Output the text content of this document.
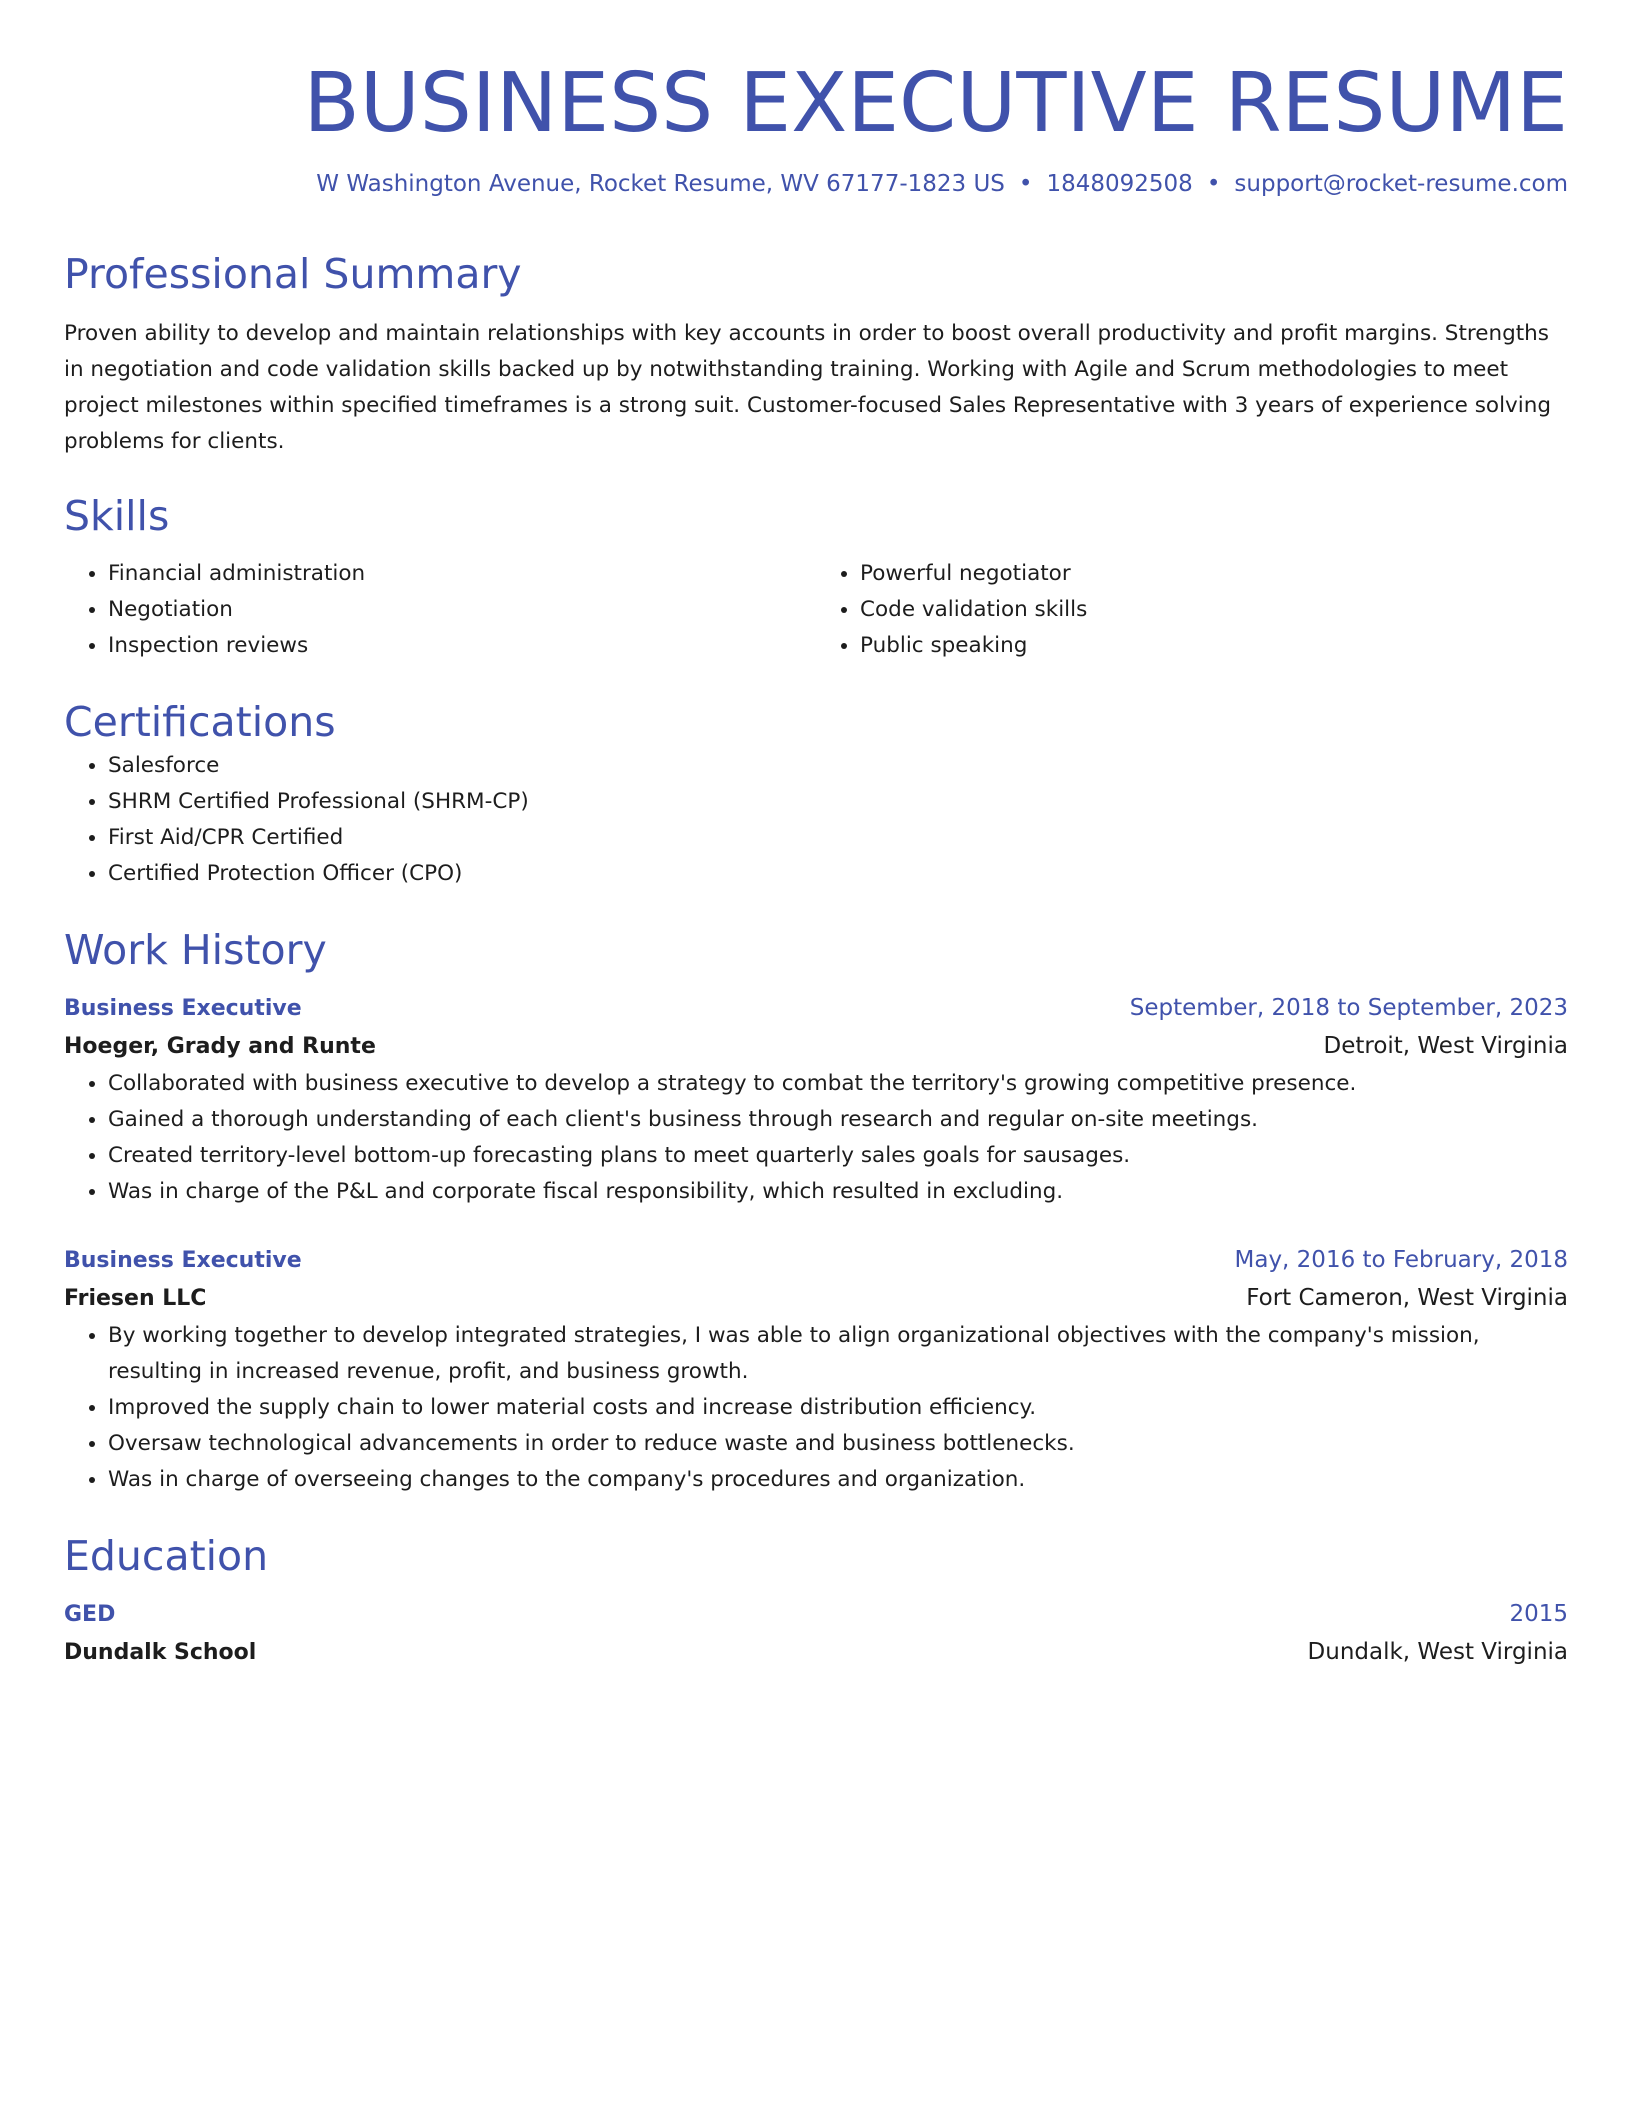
BUSINESS EXECUTIVE RESUME
W Washington Avenue, Rocket Resume, WV 67177-1823 US • 1848092508 • support@rocket-resume.com
Professional Summary

Proven ability to develop and maintain relationships with key accounts in order to boost overall productivity and profit margins. Strengths in negotiation and code validation skills backed up by notwithstanding training. Working with Agile and Scrum methodologies to meet project milestones within specified timeframes is a strong suit. Customer-focused Sales Representative with 3 years of experience solving problems for clients.

Skills
• Financial administration
• Negotiation
• Inspection reviews
• Powerful negotiator
• Code validation skills
• Public speaking
Certifications
• Salesforce
• SHRM Certified Professional (SHRM-CP)
• First Aid/CPR Certified
• Certified Protection Officer (CPO)
Work History
Business Executive	September, 2018 to September, 2023
Hoeger, Grady and Runte	Detroit, West Virginia
• Collaborated with business executive to develop a strategy to combat the territory's growing competitive presence.
• Gained a thorough understanding of each client's business through research and regular on-site meetings.
• Created territory-level bottom-up forecasting plans to meet quarterly sales goals for sausages.
• Was in charge of the P&L and corporate fiscal responsibility, which resulted in excluding.
Business Executive	May, 2016 to February, 2018
Friesen LLC	Fort Cameron, West Virginia
• By working together to develop integrated strategies, I was able to align organizational objectives with the company's mission, resulting in increased revenue, profit, and business growth.
• Improved the supply chain to lower material costs and increase distribution efficiency.
• Oversaw technological advancements in order to reduce waste and business bottlenecks.
• Was in charge of overseeing changes to the company's procedures and organization.
Education
GED	2015
Dundalk School	Dundalk, West Virginia
